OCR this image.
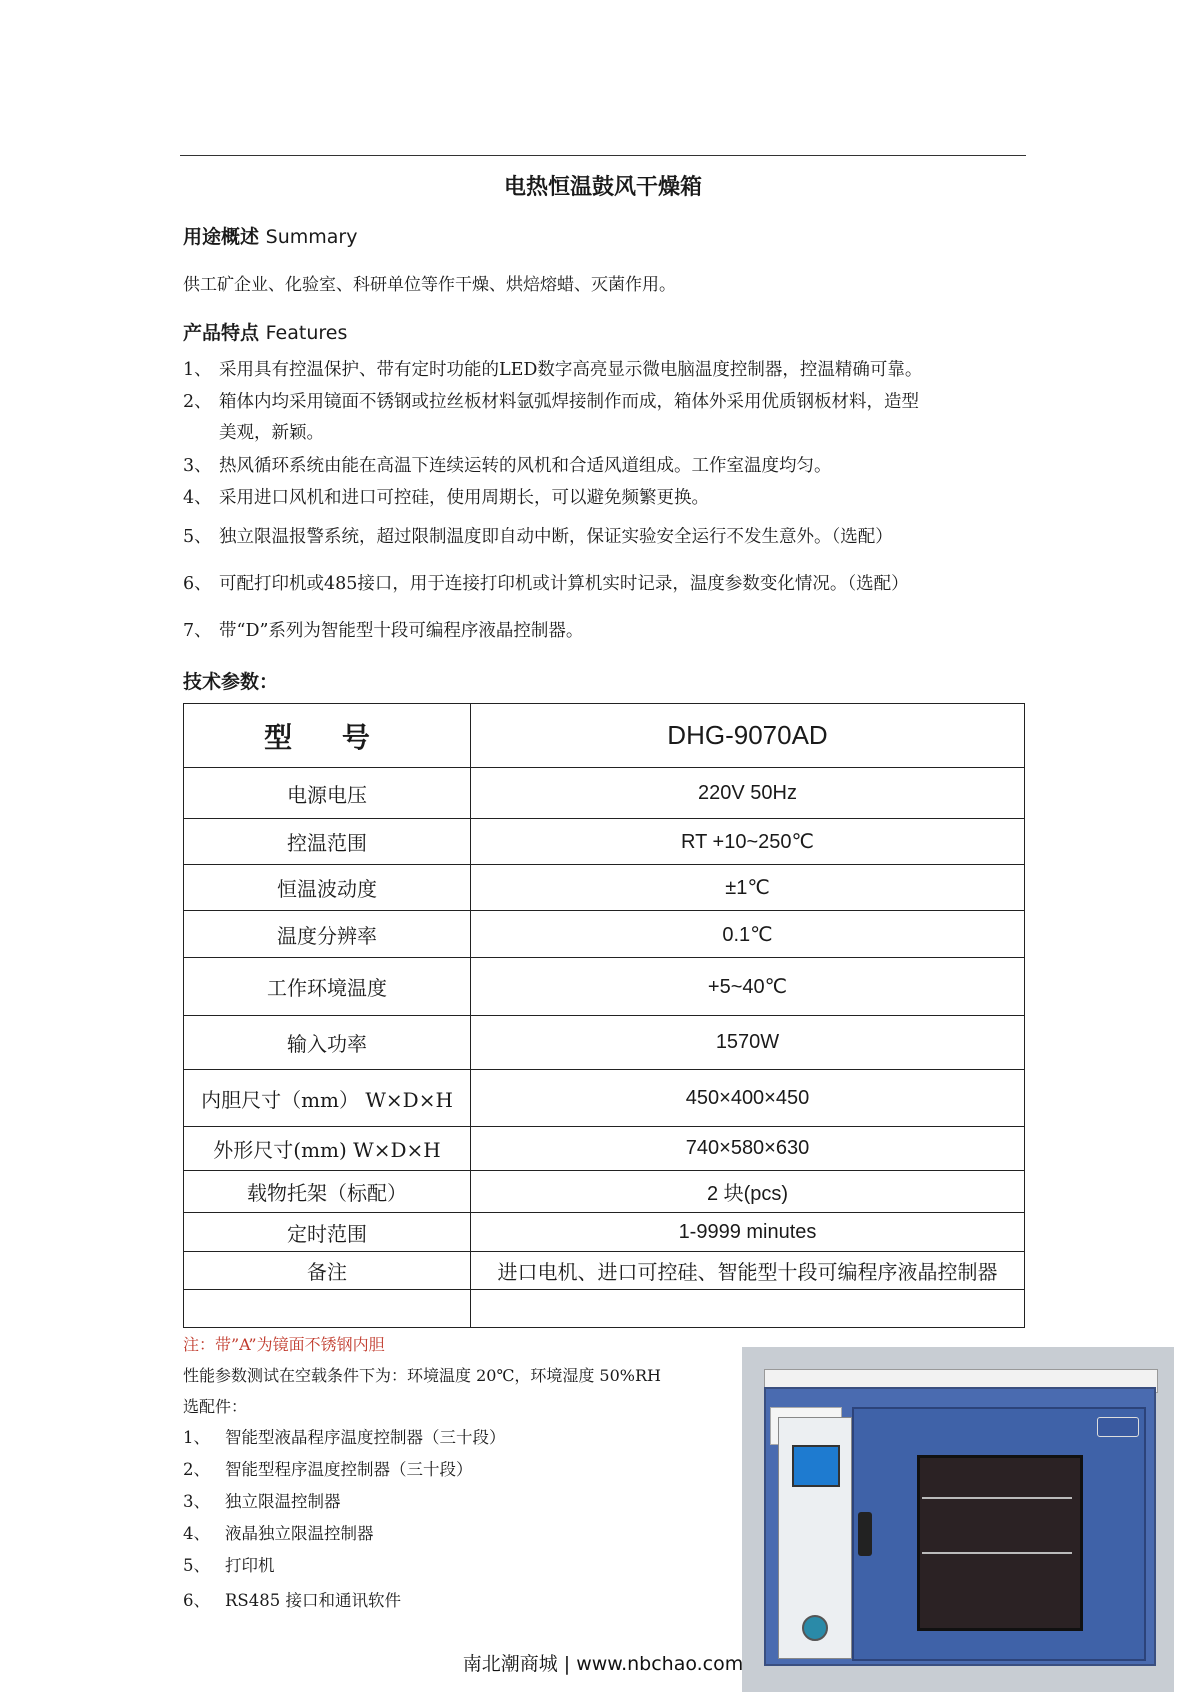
电热恒温鼓风干燥箱
用途概述 Summary
供工矿企业、化验室、科研单位等作干燥、烘焙熔蜡、灭菌作用。
产品特点 Features
1、 采用具有控温保护、带有定时功能的LED数字高亮显示微电脑温度控制器，控温精确可靠。
2、 箱体内均采用镜面不锈钢或拉丝板材料氩弧焊接制作而成，箱体外采用优质钢板材料，造型
美观，新颖。
3、 热风循环系统由能在高温下连续运转的风机和合适风道组成。工作室温度均匀。
4、 采用进口风机和进口可控硅，使用周期长，可以避免频繁更换。
5、 独立限温报警系统，超过限制温度即自动中断，保证实验安全运行不发生意外。（选配）
6、 可配打印机或485接口，用于连接打印机或计算机实时记录，温度参数变化情况。（选配）
7、 带“D”系列为智能型十段可编程序液晶控制器。
技术参数：
型 号	DHG-9070AD
电源电压	220V 50Hz
控温范围	RT +10~250℃
恒温波动度	±1℃
温度分辨率	0.1℃
工作环境温度	+5~40℃
输入功率	1570W
内胆尺寸（mm） W×D×H	450×400×450
外形尺寸(mm) W×D×H	740×580×630
载物托架（标配）	2 块(pcs)
定时范围	1-9999 minutes
备注	进口电机、进口可控硅、智能型十段可编程序液晶控制器

注：带”A”为镜面不锈钢内胆
性能参数测试在空载条件下为：环境温度 20℃，环境湿度 50%RH
选配件：
1、 智能型液晶程序温度控制器（三十段）
2、 智能型程序温度控制器（三十段）
3、 独立限温控制器
4、 液晶独立限温控制器
5、 打印机
6、 RS485 接口和通讯软件
南北潮商城 | www.nbchao.com
